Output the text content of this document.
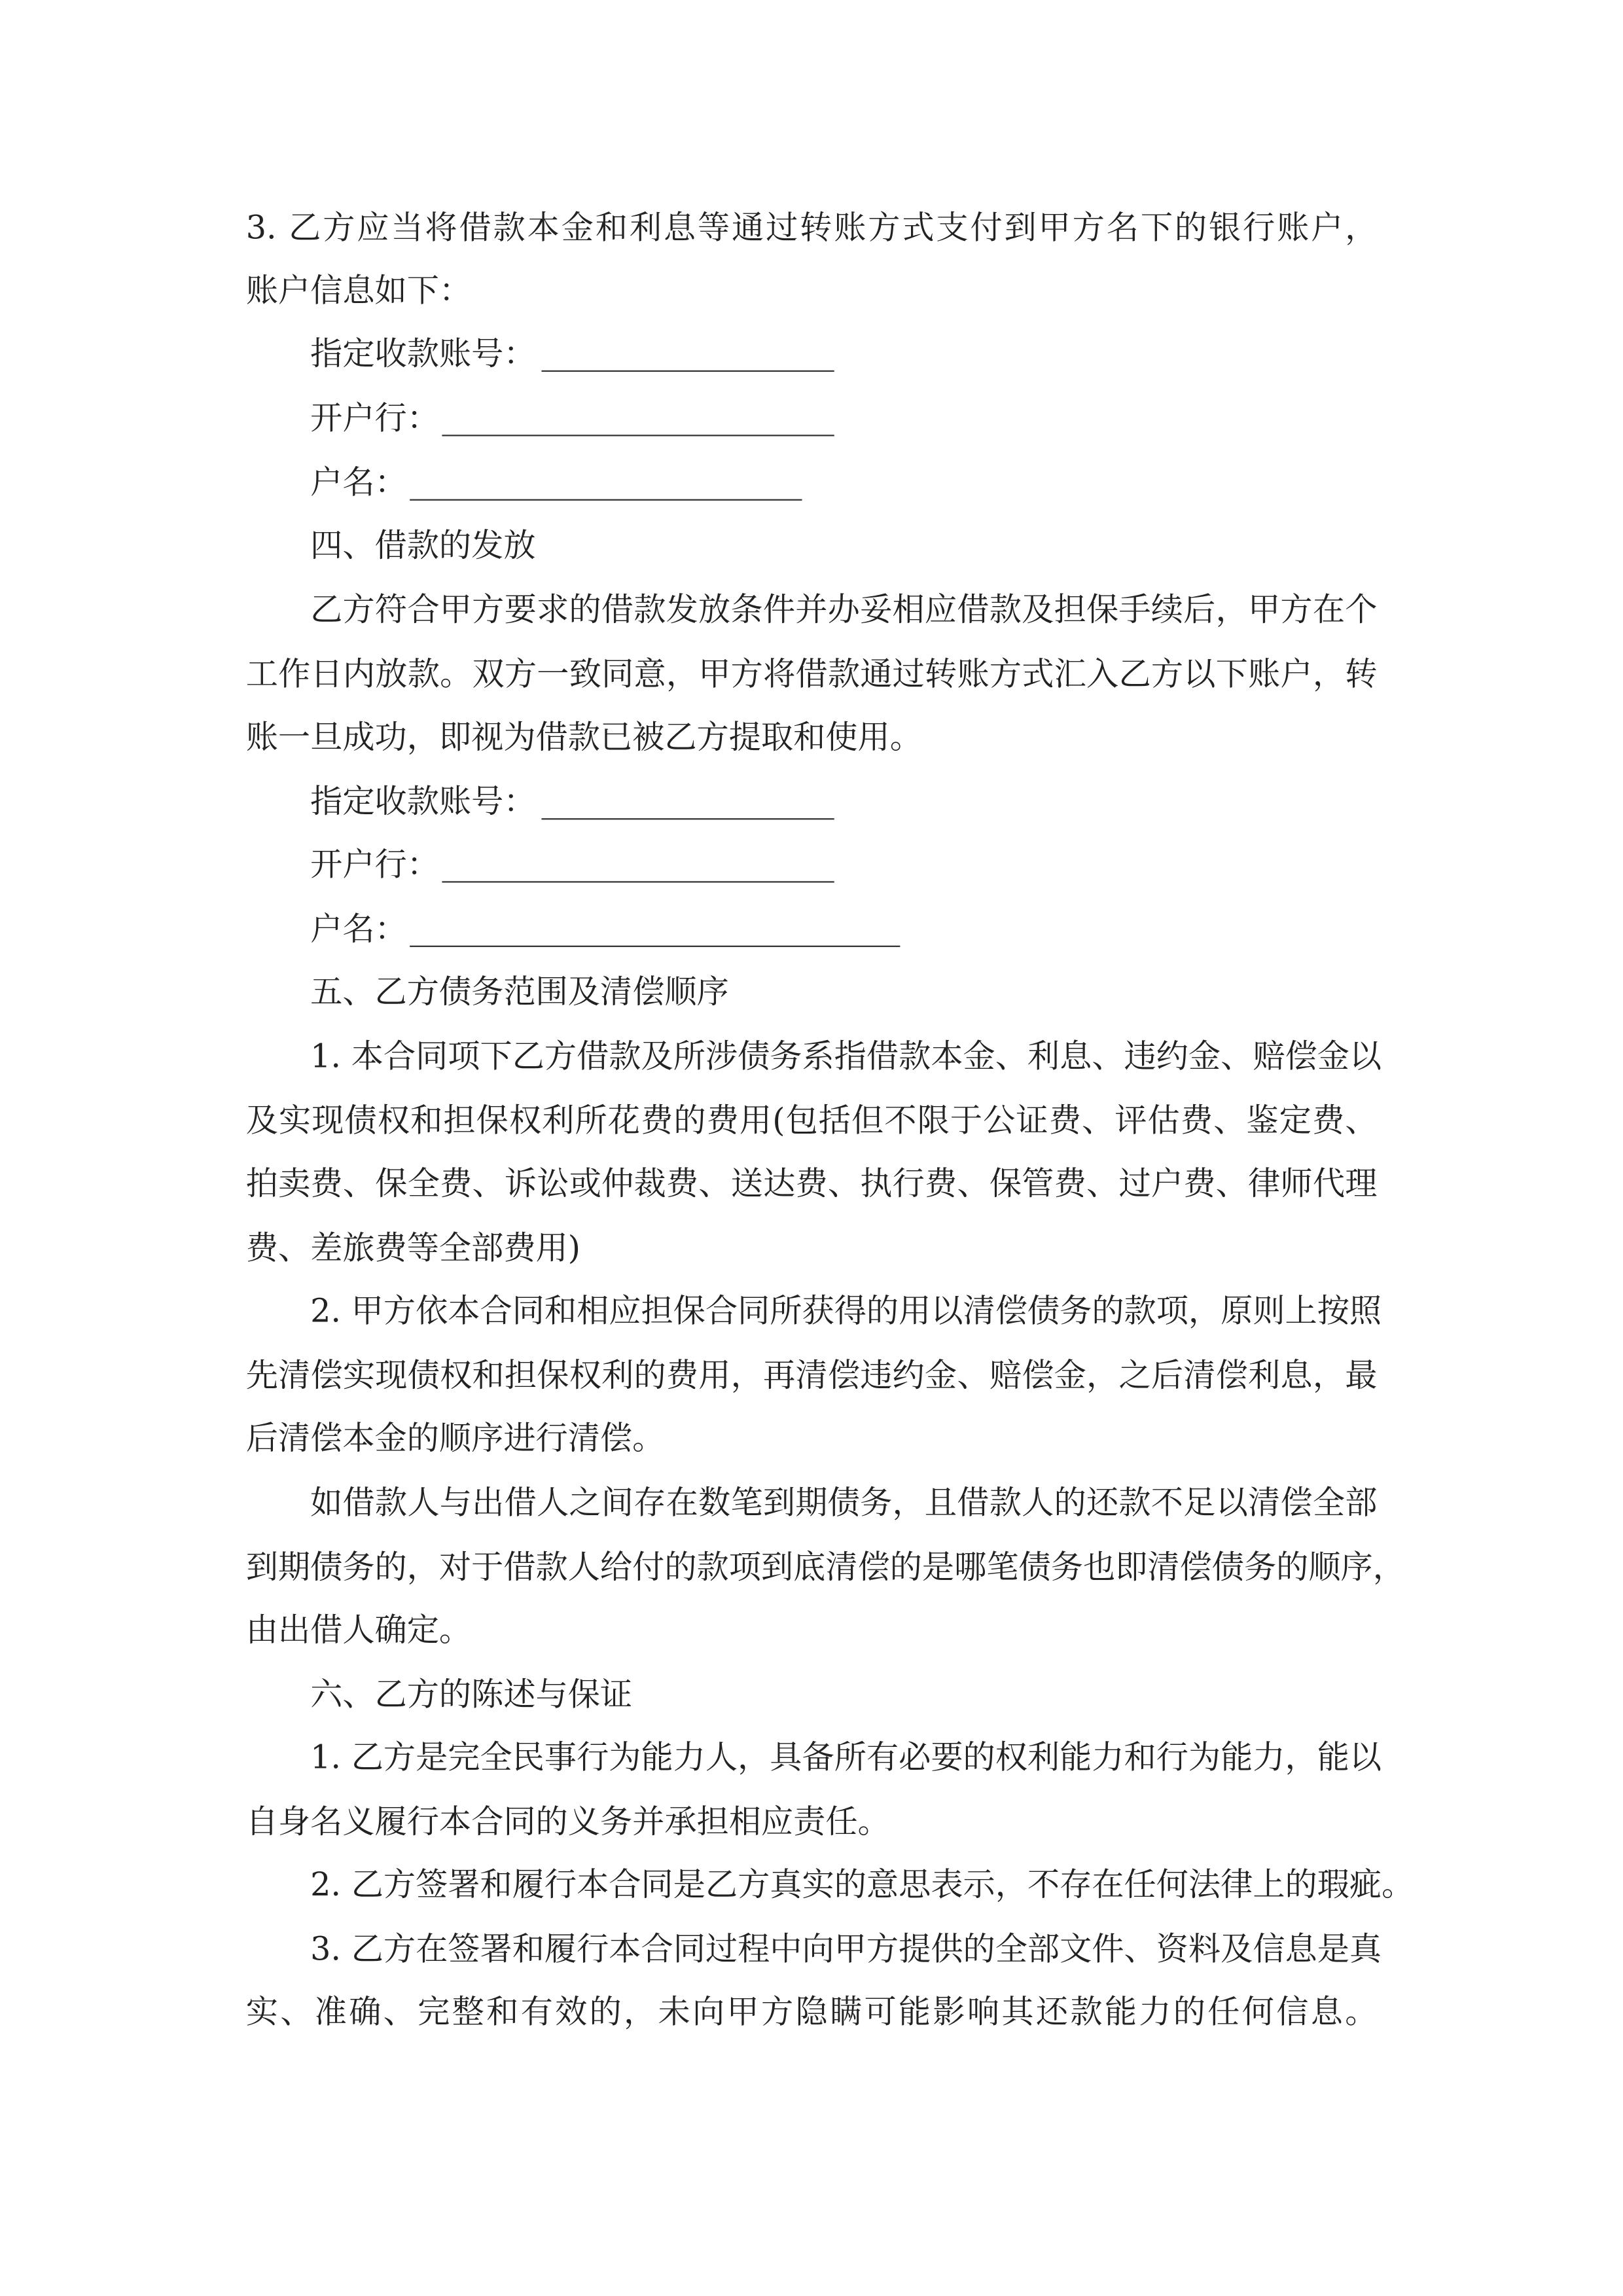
3. 乙方应当将借款本金和利息等通过转账方式支付到甲方名下的银行账户，
账户信息如下：
指定收款账号：
开户行：
户名：
四、借款的发放
乙方符合甲方要求的借款发放条件并办妥相应借款及担保手续后，甲方在个
工作日内放款。双方一致同意，甲方将借款通过转账方式汇入乙方以下账户，转
账一旦成功，即视为借款已被乙方提取和使用。
指定收款账号：
开户行：
户名：
五、乙方债务范围及清偿顺序
1. 本合同项下乙方借款及所涉债务系指借款本金、利息、违约金、赔偿金以
及实现债权和担保权利所花费的费用(包括但不限于公证费、评估费、鉴定费、
拍卖费、保全费、诉讼或仲裁费、送达费、执行费、保管费、过户费、律师代理
费、差旅费等全部费用)
2. 甲方依本合同和相应担保合同所获得的用以清偿债务的款项，原则上按照
先清偿实现债权和担保权利的费用，再清偿违约金、赔偿金，之后清偿利息，最
后清偿本金的顺序进行清偿。
如借款人与出借人之间存在数笔到期债务，且借款人的还款不足以清偿全部
到期债务的，对于借款人给付的款项到底清偿的是哪笔债务也即清偿债务的顺序，
由出借人确定。
六、乙方的陈述与保证
1. 乙方是完全民事行为能力人，具备所有必要的权利能力和行为能力，能以
自身名义履行本合同的义务并承担相应责任。
2. 乙方签署和履行本合同是乙方真实的意思表示，不存在任何法律上的瑕疵。
3. 乙方在签署和履行本合同过程中向甲方提供的全部文件、资料及信息是真
实、准确、完整和有效的，未向甲方隐瞒可能影响其还款能力的任何信息。
